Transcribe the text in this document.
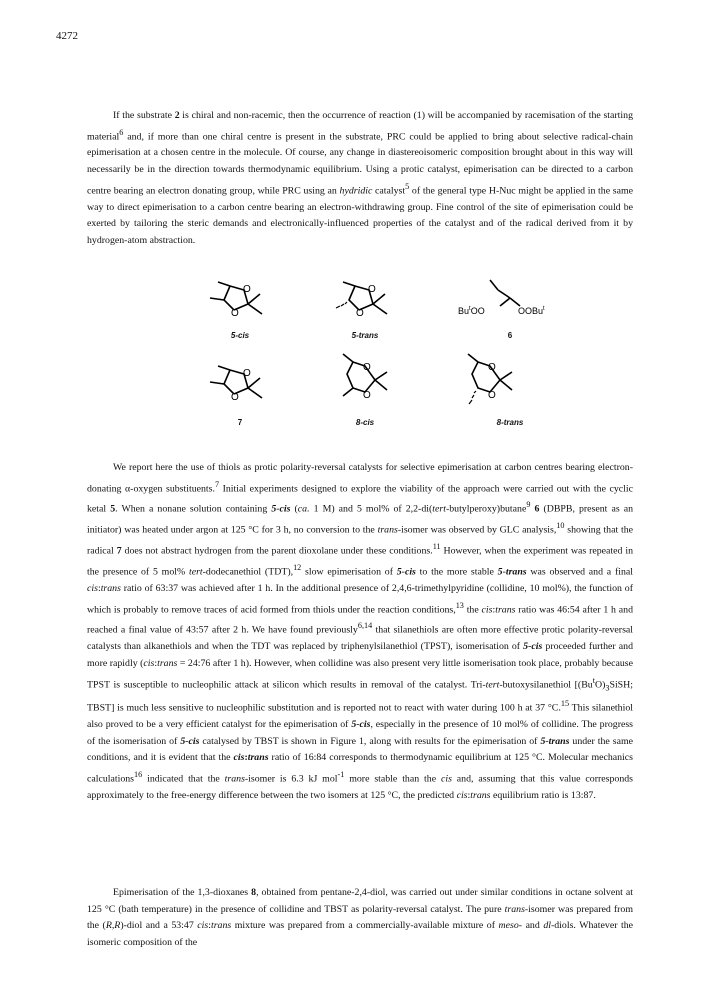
4272

If the substrate 2 is chiral and non-racemic, then the occurrence of reaction (1) will be accompanied by racemisation of the starting material$^6$ and, if more than one chiral centre is present in the substrate, PRC could be applied to bring about selective radical-chain epimerisation at a chosen centre in the molecule. Of course, any change in diastereoisomeric composition brought about in this way will necessarily be in the direction towards thermodynamic equilibrium. Using a protic catalyst, epimerisation can be directed to a carbon centre bearing an electron donating group, while PRC using an hydridic catalyst$^5$ of the general type H-Nuc might be applied in the same way to direct epimerisation to a carbon centre bearing an electron-withdrawing group. Fine control of the site of epimerisation could be exerted by tailoring the steric demands and electronically-influenced properties of the catalyst and of the radical derived from it by hydrogen-atom abstraction.

O
O
5-cis
O
O
5-trans
Bu$^t$OO	OOBu$^t$
6
O
O
7
O
O
8-cis
O
O
8-trans

We report here the use of thiols as protic polarity-reversal catalysts for selective epimerisation at carbon centres bearing electron-donating α-oxygen substituents.$^7$ Initial experiments designed to explore the viability of the approach were carried out with the cyclic ketal 5. When a nonane solution containing 5-cis (ca. 1 M) and 5 mol% of 2,2-di(tert-butylperoxy)butane$^9$ 6 (DBPB, present as an initiator) was heated under argon at 125 °C for 3 h, no conversion to the trans-isomer was observed by GLC analysis,$^{10}$ showing that the radical 7 does not abstract hydrogen from the parent dioxolane under these conditions.$^{11}$ However, when the experiment was repeated in the presence of 5 mol% tert-dodecanethiol (TDT),$^{12}$ slow epimerisation of 5-cis to the more stable 5-trans was observed and a final cis:trans ratio of 63:37 was achieved after 1 h. In the additional presence of 2,4,6-trimethylpyridine (collidine, 10 mol%), the function of which is probably to remove traces of acid formed from thiols under the reaction conditions,$^{13}$ the cis:trans ratio was 46:54 after 1 h and reached a final value of 43:57 after 2 h. We have found previously$^{6,14}$ that silanethiols are often more effective protic polarity-reversal catalysts than alkanethiols and when the TDT was replaced by triphenylsilanethiol (TPST), isomerisation of 5-cis proceeded further and more rapidly (cis:trans = 24:76 after 1 h). However, when collidine was also present very little isomerisation took place, probably because TPST is susceptible to nucleophilic attack at silicon which results in removal of the catalyst. Tri-tert-butoxysilanethiol [$(Bu^tO)_3SiSH$; TBST] is much less sensitive to nucleophilic substitution and is reported not to react with water during 100 h at 37 °C.$^{15}$ This silanethiol also proved to be a very efficient catalyst for the epimerisation of 5-cis, especially in the presence of 10 mol% of collidine. The progress of the isomerisation of 5-cis catalysed by TBST is shown in Figure 1, along with results for the epimerisation of 5-trans under the same conditions, and it is evident that the cis:trans ratio of 16:84 corresponds to thermodynamic equilibrium at 125 °C. Molecular mechanics calculations$^{16}$ indicated that the trans-isomer is 6.3 kJ mol$^{-1}$ more stable than the cis and, assuming that this value corresponds approximately to the free-energy difference between the two isomers at 125 °C, the predicted cis:trans equilibrium ratio is 13:87.

Epimerisation of the 1,3-dioxanes 8, obtained from pentane-2,4-diol, was carried out under similar conditions in octane solvent at 125 °C (bath temperature) in the presence of collidine and TBST as polarity-reversal catalyst. The pure trans-isomer was prepared from the (R,R)-diol and a 53:47 cis:trans mixture was prepared from a commercially-available mixture of meso- and dl-diols. Whatever the isomeric composition of the
